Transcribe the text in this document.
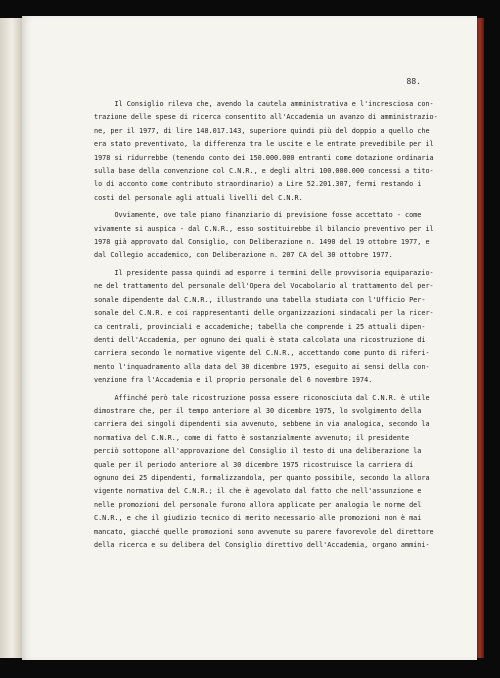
88.
Il Consiglio rileva che, avendo la cautela amministrativa e l'incresciosa con-
trazione delle spese di ricerca consentito all'Accademia un avanzo di amministrazio-
ne, per il 1977, di lire 148.017.143, superiore quindi più del doppio a quello che
era stato preventivato, la differenza tra le uscite e le entrate prevedibile per il
1978 si ridurrebbe (tenendo conto dei 150.000.000 entranti come dotazione ordinaria
sulla base della convenzione col C.N.R., e degli altri 100.000.000 concessi a tito-
lo di acconto come contributo straordinario) a Lire 52.201.307, fermi restando i
costi del personale agli attuali livelli del C.N.R.
Ovviamente, ove tale piano finanziario di previsione fosse accettato - come
vivamente si auspica - dal C.N.R., esso sostituirebbe il bilancio preventivo per il
1978 già approvato dal Consiglio, con Deliberazione n. 1490 del 19 ottobre 1977, e
dal Collegio accademico, con Deliberazione n. 207 CA del 30 ottobre 1977.
Il presidente passa quindi ad esporre i termini delle provvisoria equiparazio-
ne del trattamento del personale dell'Opera del Vocabolario al trattamento del per-
sonale dipendente dal C.N.R., illustrando una tabella studiata con l'Ufficio Per-
sonale del C.N.R. e coi rappresentanti delle organizzazioni sindacali per la ricer-
ca centrali, provinciali e accademiche; tabella che comprende i 25 attuali dipen-
denti dell'Accademia, per ognuno dei quali è stata calcolata una ricostruzione di
carriera secondo le normative vigente del C.N.R., accettando come punto di riferi-
mento l'inquadramento alla data del 30 dicembre 1975, eseguito ai sensi della con-
venzione fra l'Accademia e il proprio personale del 6 novembre 1974.
Affinché però tale ricostruzione possa essere riconosciuta dal C.N.R. è utile
dimostrare che, per il tempo anteriore al 30 dicembre 1975, lo svolgimento della
carriera dei singoli dipendenti sia avvenuto, sebbene in via analogica, secondo la
normativa del C.N.R., come di fatto è sostanzialmente avvenuto; il presidente
perciò sottopone all'approvazione del Consiglio il testo di una deliberazione la
quale per il periodo anteriore al 30 dicembre 1975 ricostruisce la carriera di
ognuno dei 25 dipendenti, formalizzandola, per quanto possibile, secondo la allora
vigente normativa del C.N.R.; il che è agevolato dal fatto che nell'assunzione e
nelle promozioni del personale furono allora applicate per analogia le norme del
C.N.R., e che il giudizio tecnico di merito necessario alle promozioni non è mai
mancato, giacché quelle promozioni sono avvenute su parere favorevole del direttore
della ricerca e su delibera del Consiglio direttivo dell'Accademia, organo ammini-
